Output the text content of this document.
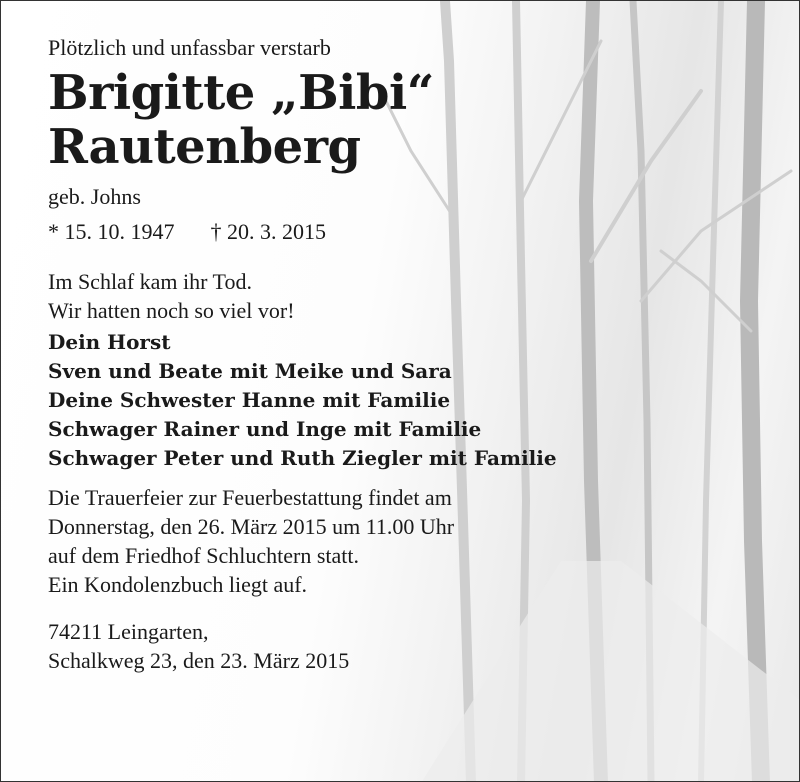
Plötzlich und unfassbar verstarb

Brigitte „Bibi“

Rautenberg

geb. Johns

* 15. 10. 1947 † 20. 3. 2015

Im Schlaf kam ihr Tod.

Wir hatten noch so viel vor!

Dein Horst

Sven und Beate mit Meike und Sara

Deine Schwester Hanne mit Familie

Schwager Rainer und Inge mit Familie

Schwager Peter und Ruth Ziegler mit Familie

Die Trauerfeier zur Feuerbestattung findet am

Donnerstag, den 26. März 2015 um 11.00 Uhr

auf dem Friedhof Schluchtern statt.

Ein Kondolenzbuch liegt auf.

74211 Leingarten,

Schalkweg 23, den 23. März 2015
